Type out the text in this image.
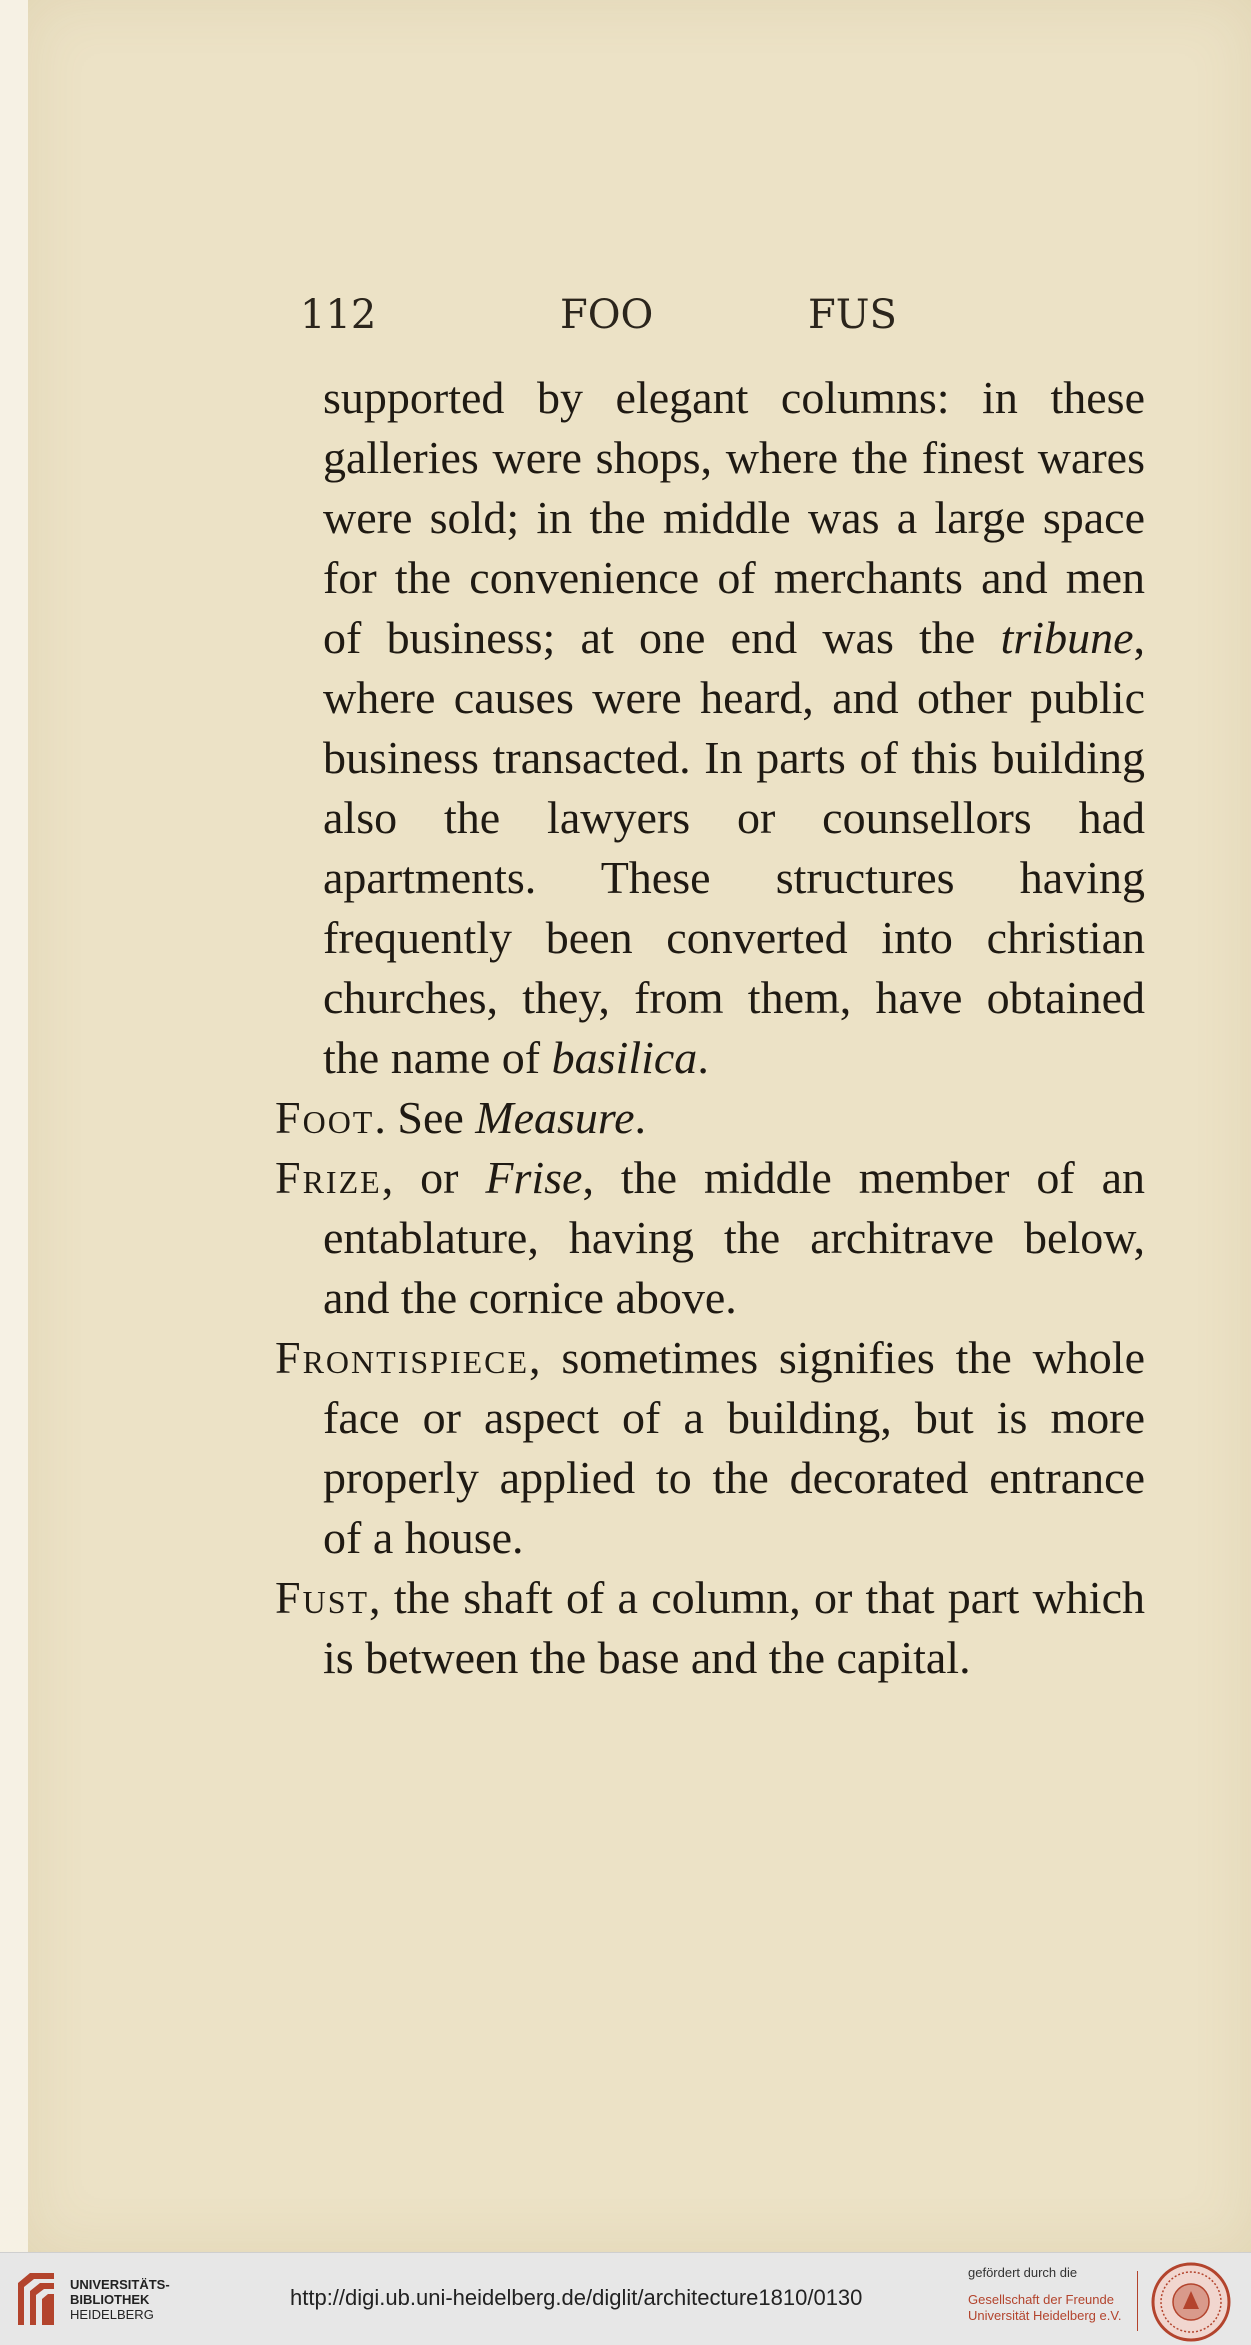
112	FOO	FUS

supported by elegant columns: in these galleries were shops, where the finest wares were sold; in the middle was a large space for the convenience of merchants and men of business; at one end was the tribune, where causes were heard, and other public business transacted. In parts of this building also the lawyers or counsellors had apartments. These structures having frequently been converted into christian churches, they, from them, have obtained the name of basilica.

Foot. See Measure.

Frize, or Frise, the middle member of an entablature, having the architrave below, and the cornice above.

Frontispiece, sometimes signifies the whole face or aspect of a building, but is more properly applied to the decorated entrance of a house.

Fust, the shaft of a column, or that part which is between the base and the capital.

UNIVERSITÄTS-
BIBLIOTHEK
HEIDELBERG
http://digi.ub.uni-heidelberg.de/diglit/architecture1810/0130
gefördert durch die
Gesellschaft der Freunde
Universität Heidelberg e.V.
